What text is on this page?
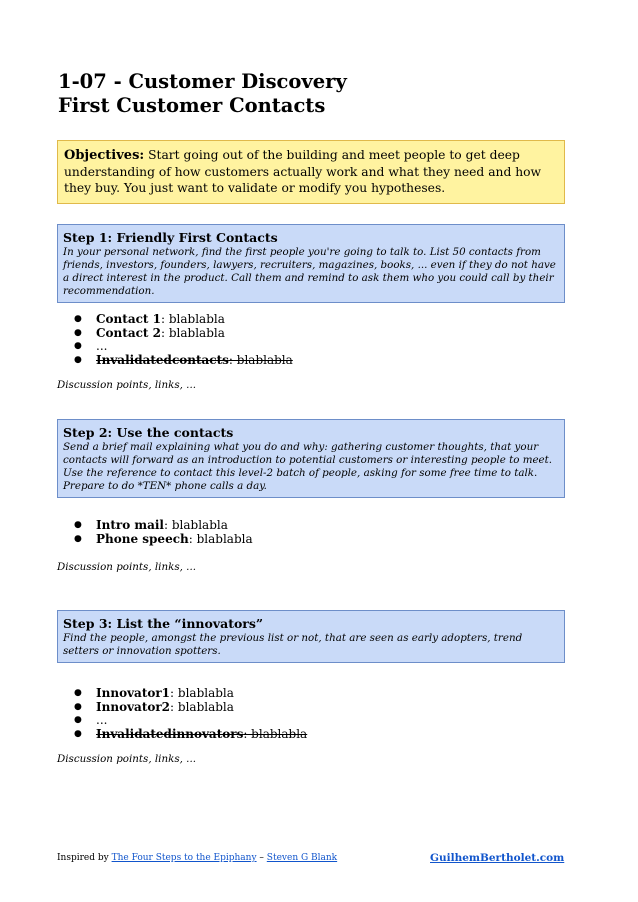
1-07 - Customer Discovery
First Customer Contacts
Objectives: Start going out of the building and meet people to get deep understanding of how customers actually work and what they need and how they buy. You just want to validate or modify you hypotheses.
Step 1: Friendly First Contacts
In your personal network, find the first people you're going to talk to. List 50 contacts from friends, investors, founders, lawyers, recruiters, magazines, books, ... even if they do not have a direct interest in the product. Call them and remind to ask them who you could call by their recommendation.
● Contact 1: blablabla
● Contact 2: blablabla
● ...
● Invalidatedcontacts: blablabla
Discussion points, links, ...
Step 2: Use the contacts
Send a brief mail explaining what you do and why: gathering customer thoughts, that your contacts will forward as an introduction to potential customers or interesting people to meet. Use the reference to contact this level-2 batch of people, asking for some free time to talk. Prepare to do *TEN* phone calls a day.
● Intro mail: blablabla
● Phone speech: blablabla
Discussion points, links, ...
Step 3: List the “innovators”
Find the people, amongst the previous list or not, that are seen as early adopters, trend setters or innovation spotters.
● Innovator1: blablabla
● Innovator2: blablabla
● ...
● Invalidatedinnovators: blablabla
Discussion points, links, ...
Inspired by The Four Steps to the Epiphany – Steven G Blank	GuilhemBertholet.com
